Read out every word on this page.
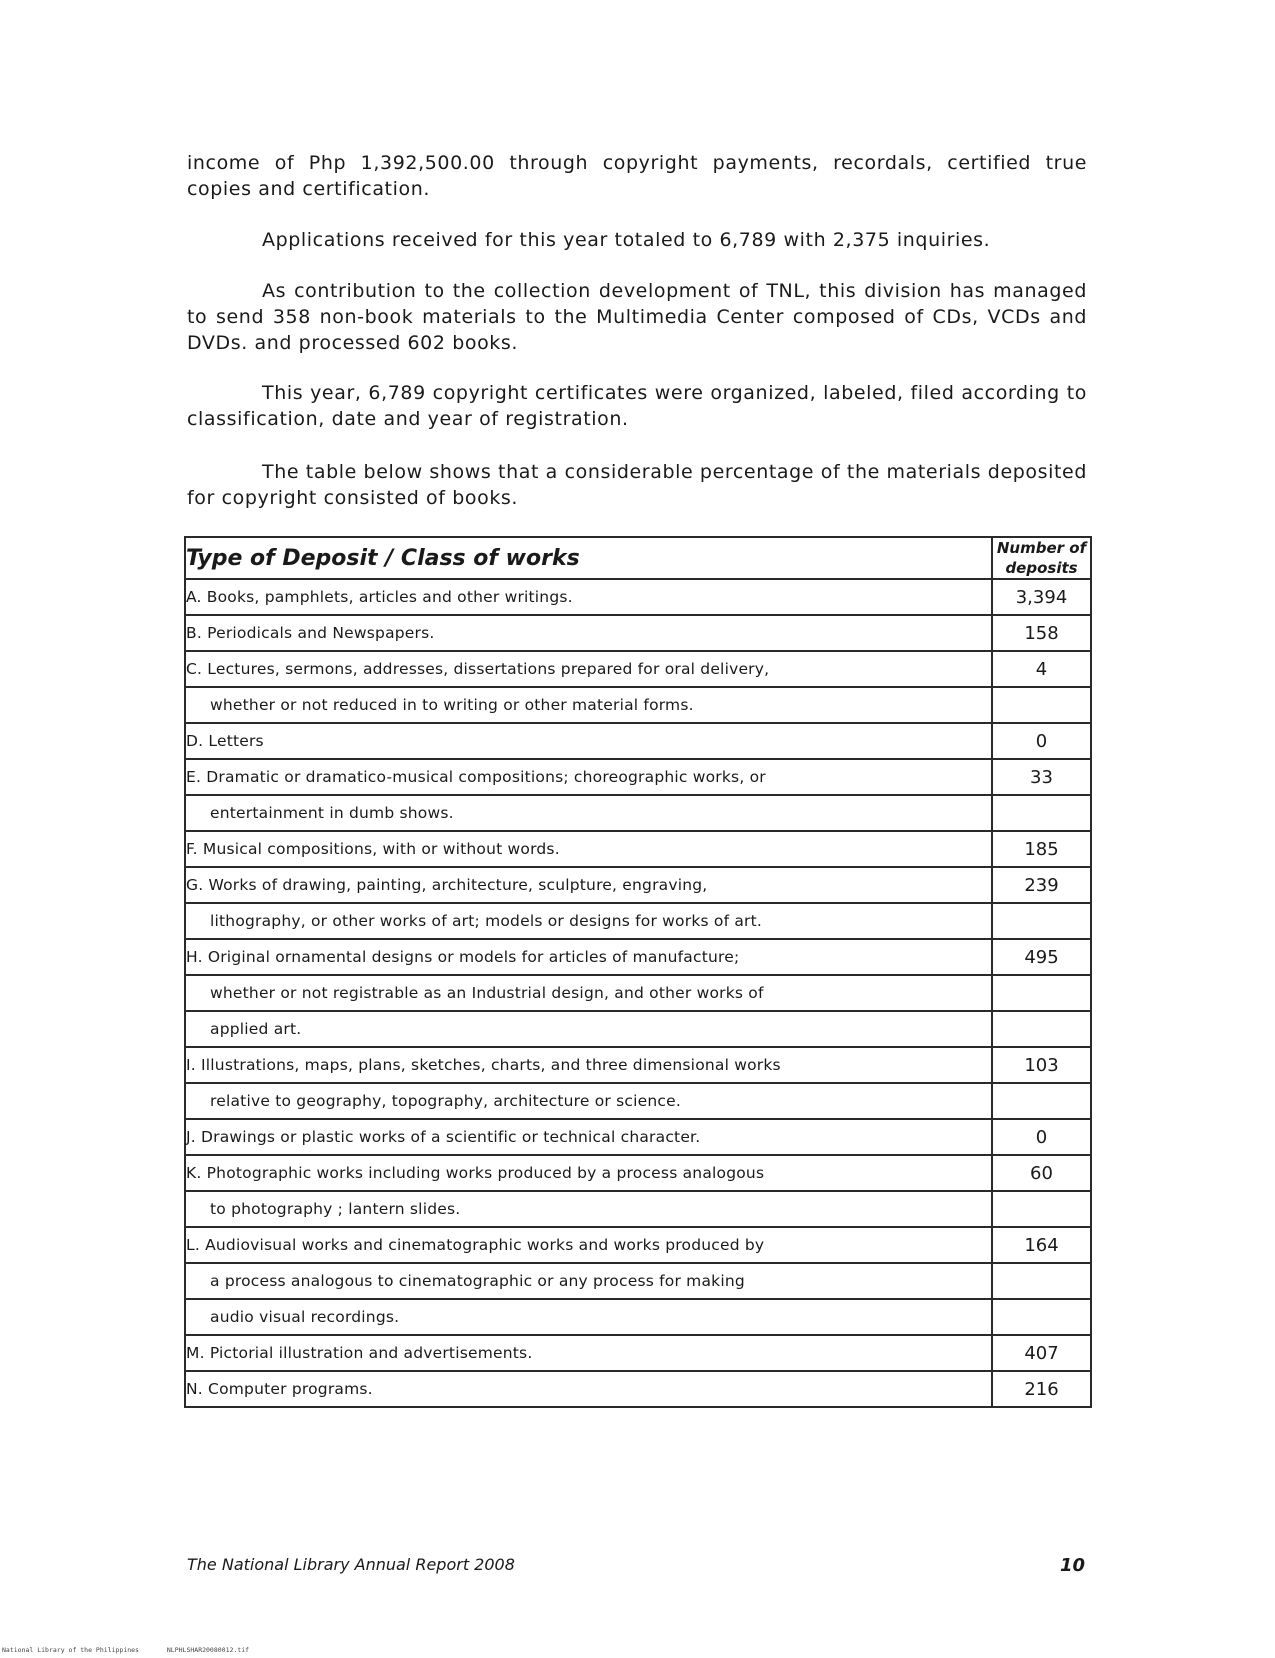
income of Php 1,392,500.00 through copyright payments, recordals, certified true copies and certification.

Applications received for this year totaled to 6,789 with 2,375 inquiries.

As contribution to the collection development of TNL, this division has managed to send 358 non-book materials to the Multimedia Center composed of CDs, VCDs and DVDs. and processed 602 books.

This year, 6,789 copyright certificates were organized, labeled, filed according to classification, date and year of registration.

The table below shows that a considerable percentage of the materials deposited for copyright consisted of books.

Type of Deposit / Class of works	Number of
deposits
A. Books, pamphlets, articles and other writings.	3,394
B. Periodicals and Newspapers.	158
C. Lectures, sermons, addresses, dissertations prepared for oral delivery,	4
whether or not reduced in to writing or other material forms.	
D. Letters	0
E. Dramatic or dramatico-musical compositions; choreographic works, or	33
entertainment in dumb shows.	
F. Musical compositions, with or without words.	185
G. Works of drawing, painting, architecture, sculpture, engraving,	239
lithography, or other works of art; models or designs for works of art.	
H. Original ornamental designs or models for articles of manufacture;	495
whether or not registrable as an Industrial design, and other works of	
applied art.	
I. Illustrations, maps, plans, sketches, charts, and three dimensional works	103
relative to geography, topography, architecture or science.	
J. Drawings or plastic works of a scientific or technical character.	0
K. Photographic works including works produced by a process analogous	60
to photography ; lantern slides.	
L. Audiovisual works and cinematographic works and works produced by	164
a process analogous to cinematographic or any process for making	
audio visual recordings.	
M. Pictorial illustration and advertisements.	407
N. Computer programs.	216
The National Library Annual Report 2008	10
National Library of the Philippines	NLPHLSHAR20080012.tif
